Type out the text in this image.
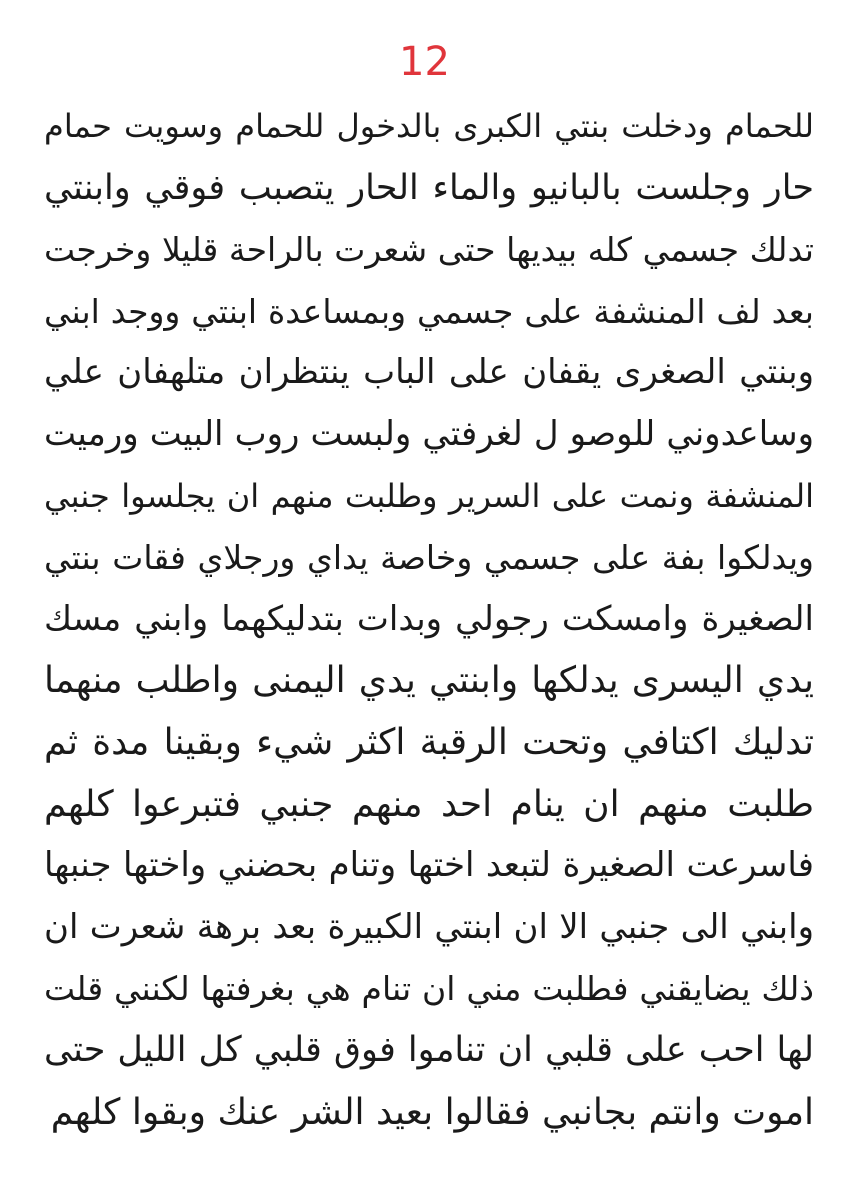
12
للحمام ودخلت بنتي الكبرى بالدخول للحمام وسويت حمام
حار وجلست بالبانيو والماء الحار يتصبب فوقي وابنتي
تدلك جسمي كله بيديها حتى شعرت بالراحة قليلا وخرجت
بعد لف المنشفة على جسمي وبمساعدة ابنتي ووجد ابني
وبنتي الصغرى يقفان على الباب ينتظران متلهفان علي
وساعدوني للوصو ل لغرفتي ولبست روب البيت ورميت
المنشفة ونمت على السرير وطلبت منهم ان يجلسوا جنبي
ويدلكوا بفة على جسمي وخاصة يداي ورجلاي فقات بنتي
الصغيرة وامسكت رجولي وبدات بتدليكهما وابني مسك
يدي اليسرى يدلكها وابنتي يدي اليمنى واطلب منهما
تدليك اكتافي وتحت الرقبة اكثر شيء وبقينا مدة ثم
طلبت منهم ان ينام احد منهم جنبي فتبرعوا كلهم
فاسرعت الصغيرة لتبعد اختها وتنام بحضني واختها جنبها
وابني الى جنبي الا ان ابنتي الكبيرة بعد برهة شعرت ان
ذلك يضايقني فطلبت مني ان تنام هي بغرفتها لكنني قلت
لها احب على قلبي ان تناموا فوق قلبي كل الليل حتى
اموت وانتم بجانبي فقالوا بعيد الشر عنك وبقوا كلهم
